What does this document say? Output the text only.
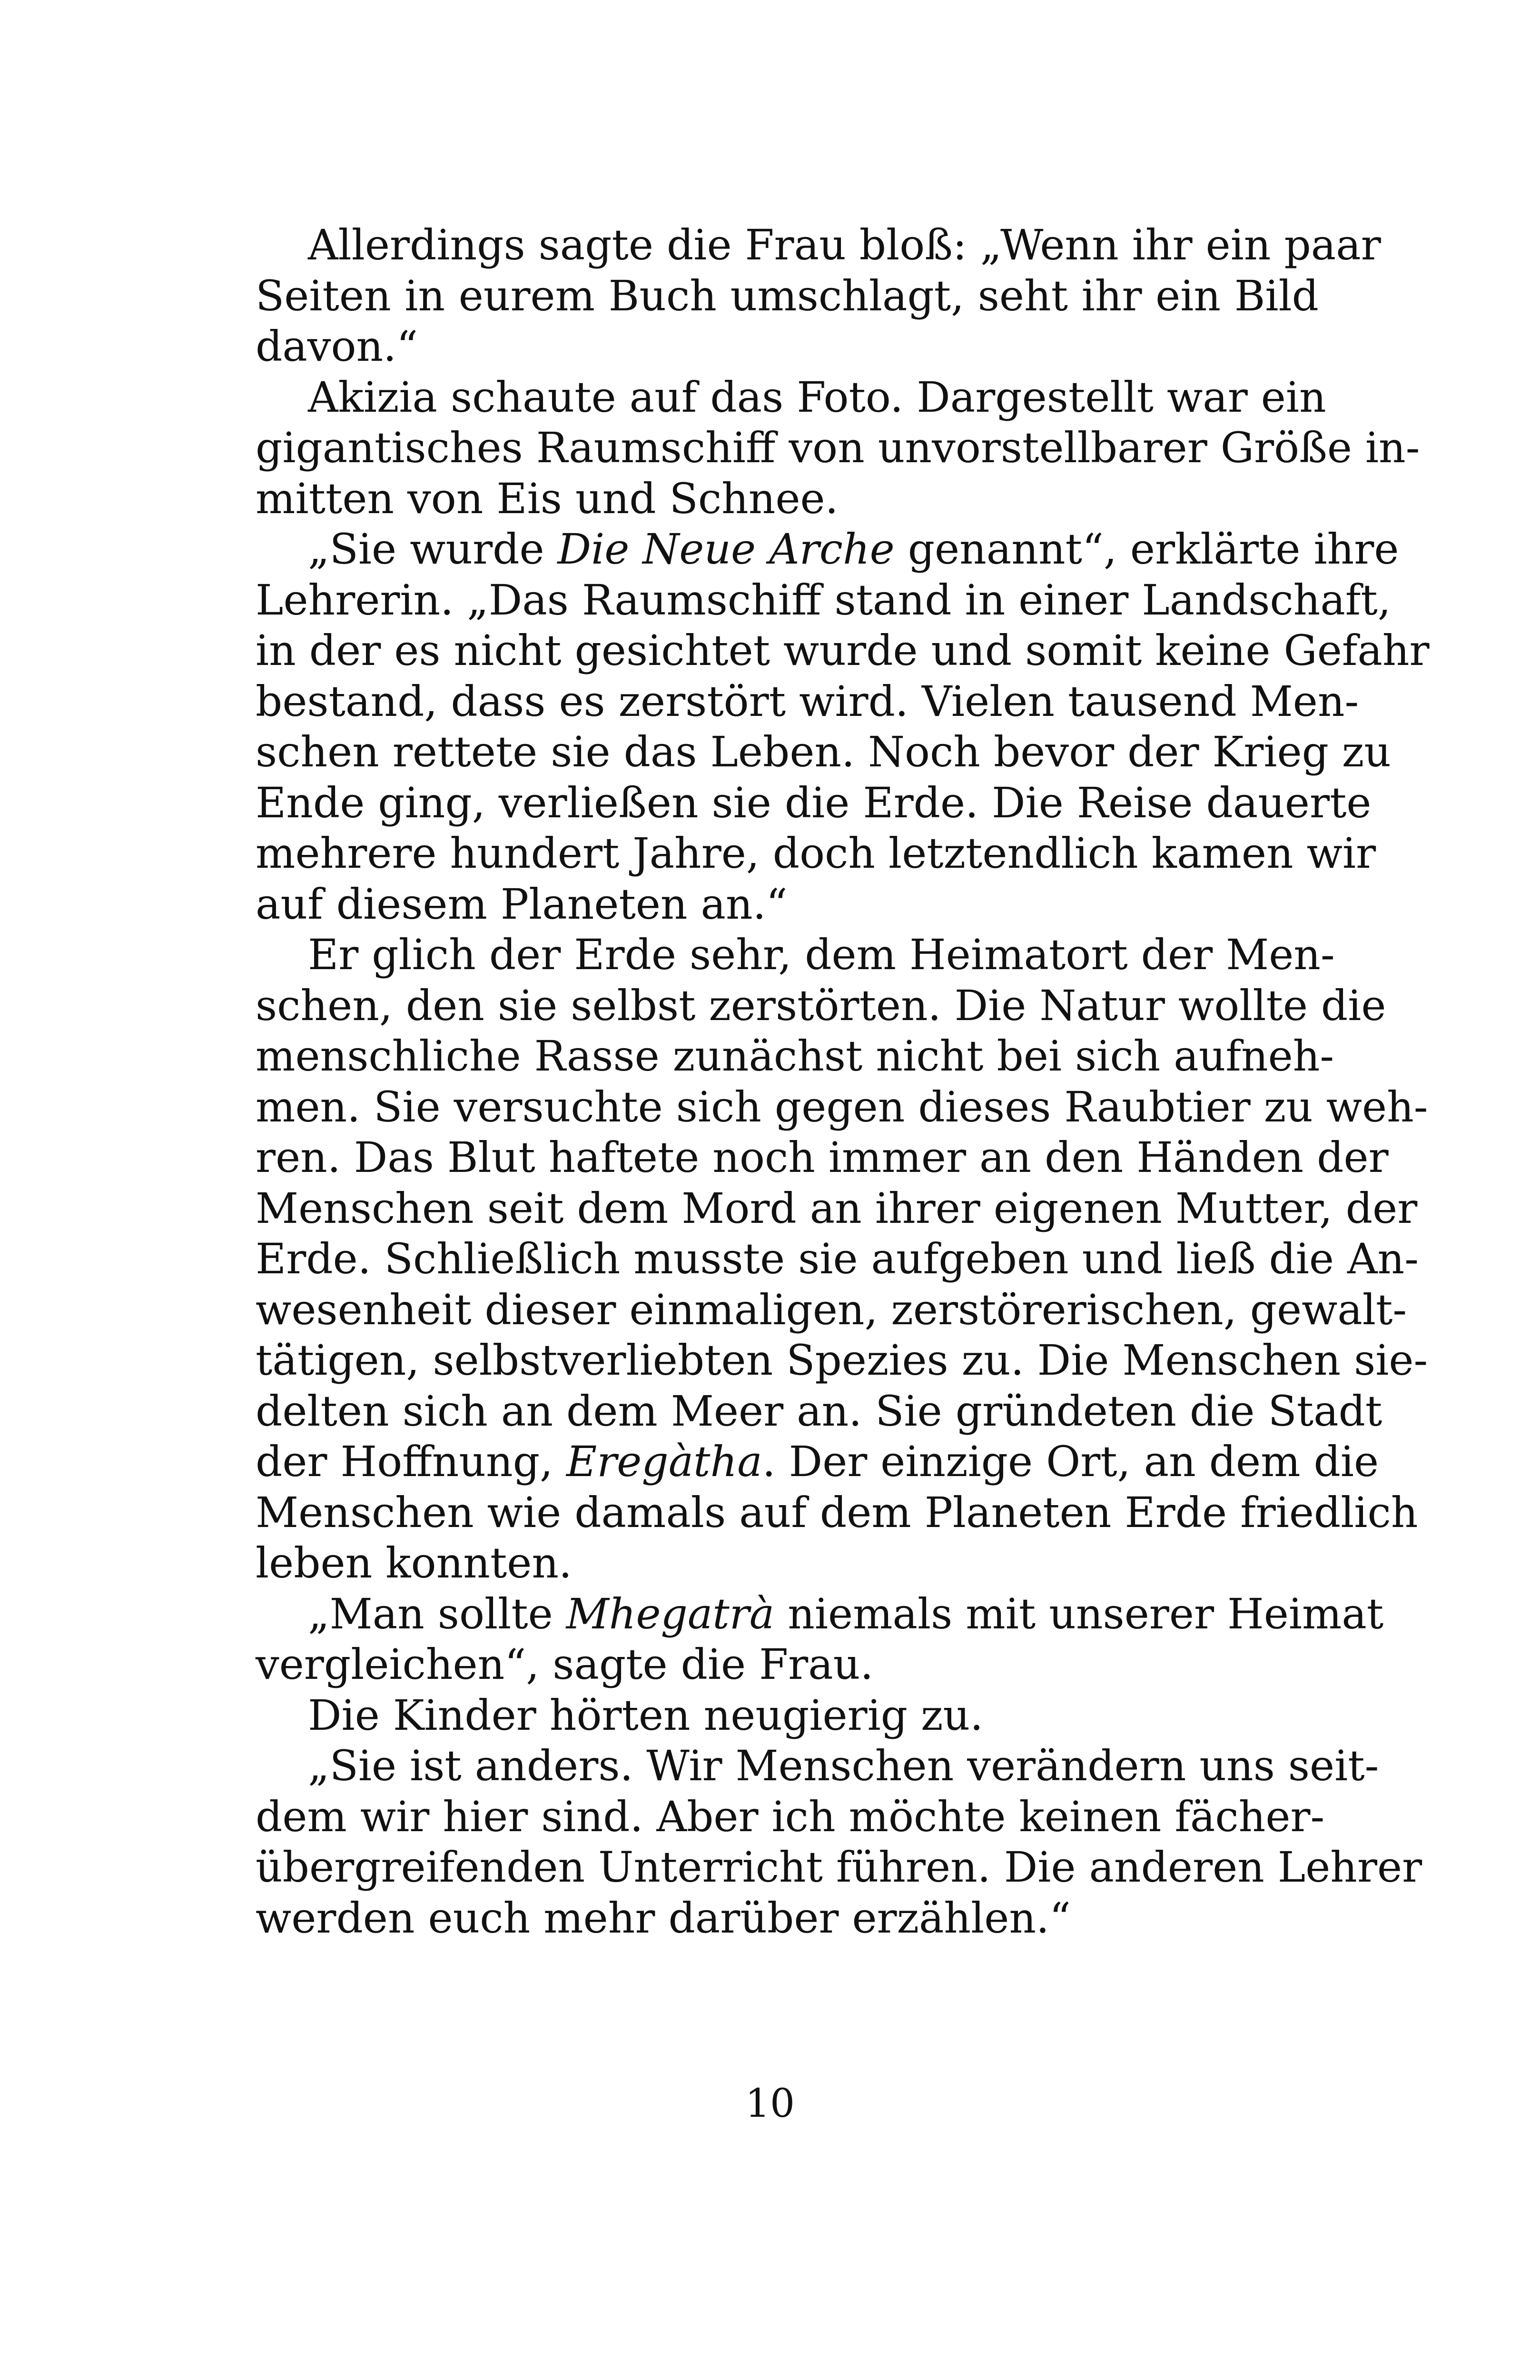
Allerdings sagte die Frau bloß: „Wenn ihr ein paar
Seiten in eurem Buch umschlagt, seht ihr ein Bild
davon.“

Akizia schaute auf das Foto. Dargestellt war ein
gigantisches Raumschiff von unvorstellbarer Größe in-
mitten von Eis und Schnee.

„Sie wurde Die Neue Arche genannt“, erklärte ihre
Lehrerin. „Das Raumschiff stand in einer Landschaft,
in der es nicht gesichtet wurde und somit keine Gefahr
bestand, dass es zerstört wird. Vielen tausend Men-
schen rettete sie das Leben. Noch bevor der Krieg zu
Ende ging, verließen sie die Erde. Die Reise dauerte
mehrere hundert Jahre, doch letztendlich kamen wir
auf diesem Planeten an.“

Er glich der Erde sehr, dem Heimatort der Men-
schen, den sie selbst zerstörten. Die Natur wollte die
menschliche Rasse zunächst nicht bei sich aufneh-
men. Sie versuchte sich gegen dieses Raubtier zu weh-
ren. Das Blut haftete noch immer an den Händen der
Menschen seit dem Mord an ihrer eigenen Mutter, der
Erde. Schließlich musste sie aufgeben und ließ die An-
wesenheit dieser einmaligen, zerstörerischen, gewalt-
tätigen, selbstverliebten Spezies zu. Die Menschen sie-
delten sich an dem Meer an. Sie gründeten die Stadt
der Hoffnung, Eregàtha. Der einzige Ort, an dem die
Menschen wie damals auf dem Planeten Erde friedlich
leben konnten.

„Man sollte Mhegatrà niemals mit unserer Heimat
vergleichen“, sagte die Frau.

Die Kinder hörten neugierig zu.

„Sie ist anders. Wir Menschen verändern uns seit-
dem wir hier sind. Aber ich möchte keinen fächer-
übergreifenden Unterricht führen. Die anderen Lehrer
werden euch mehr darüber erzählen.“

10
